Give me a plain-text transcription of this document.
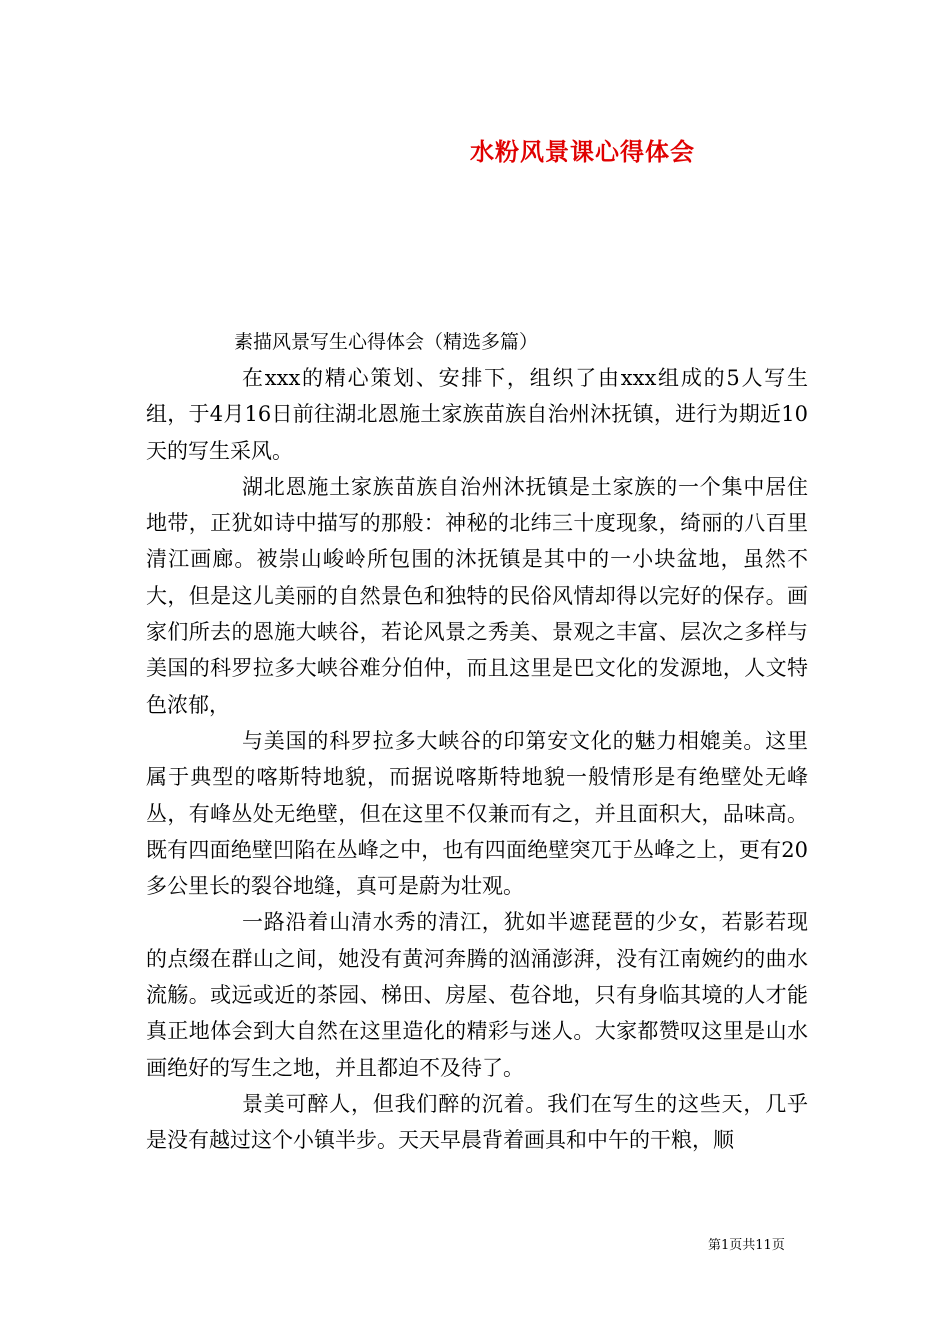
水粉风景课心得体会
素描风景写生心得体会（精选多篇）

在xxx的精心策划、安排下，组织了由xxx组成的5人写生组，于4月16日前往湖北恩施土家族苗族自治州沐抚镇，进行为期近10天的写生采风。

湖北恩施土家族苗族自治州沐抚镇是土家族的一个集中居住地带，正犹如诗中描写的那般：神秘的北纬三十度现象，绮丽的八百里清江画廊。被崇山峻岭所包围的沐抚镇是其中的一小块盆地，虽然不大，但是这儿美丽的自然景色和独特的民俗风情却得以完好的保存。画家们所去的恩施大峡谷，若论风景之秀美、景观之丰富、层次之多样与美国的科罗拉多大峡谷难分伯仲，而且这里是巴文化的发源地，人文特色浓郁，

与美国的科罗拉多大峡谷的印第安文化的魅力相媲美。这里属于典型的喀斯特地貌，而据说喀斯特地貌一般情形是有绝壁处无峰丛，有峰丛处无绝壁，但在这里不仅兼而有之，并且面积大，品味高。既有四面绝壁凹陷在丛峰之中，也有四面绝壁突兀于丛峰之上，更有20多公里长的裂谷地缝，真可是蔚为壮观。

一路沿着山清水秀的清江，犹如半遮琵琶的少女，若影若现的点缀在群山之间，她没有黄河奔腾的汹涌澎湃，没有江南婉约的曲水流觞。或远或近的茶园、梯田、房屋、苞谷地，只有身临其境的人才能真正地体会到大自然在这里造化的精彩与迷人。大家都赞叹这里是山水画绝好的写生之地，并且都迫不及待了。

景美可醉人，但我们醉的沉着。我们在写生的这些天，几乎是没有越过这个小镇半步。天天早晨背着画具和中午的干粮，顺

第1页共11页
